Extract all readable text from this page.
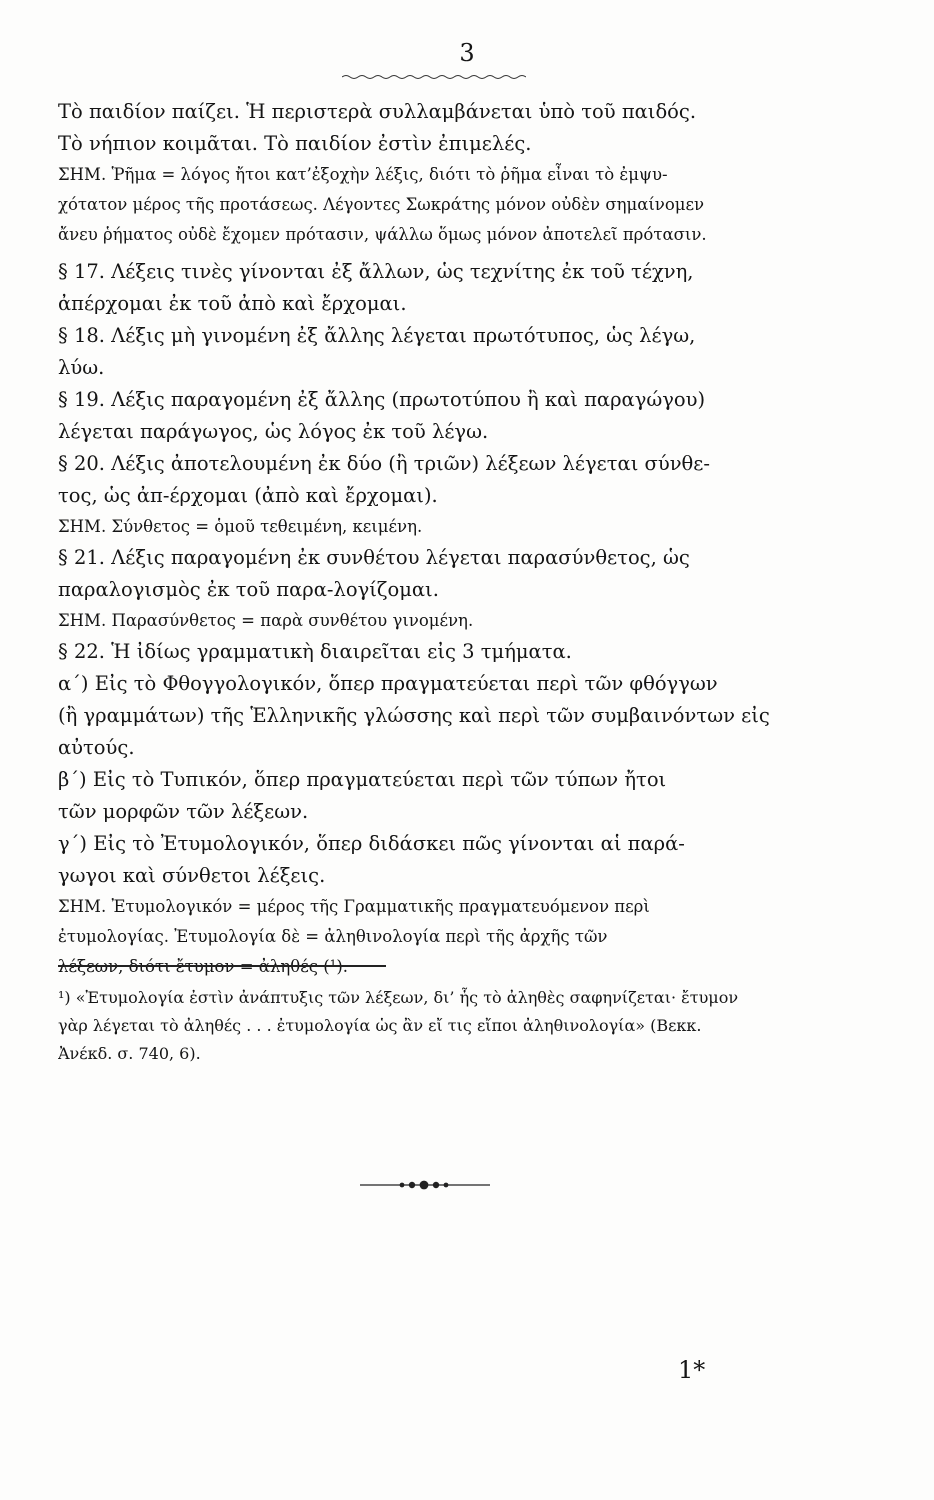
3
Τὸ παιδίον παίζει. Ἡ περιστερὰ συλλαμβάνεται ὑπὸ τοῦ παιδός.
Τὸ νήπιον κοιμᾶται. Τὸ παιδίον ἐστὶν ἐπιμελές.
ΣΗΜ. Ῥῆμα = λόγος ἤτοι κατ’ἐξοχὴν λέξις, διότι τὸ ῥῆμα εἶναι τὸ ἐμψυ-
χότατον μέρος τῆς προτάσεως. Λέγοντες Σωκράτης μόνον οὐδὲν σημαίνομεν
ἄνευ ῥήματος οὐδὲ ἔχομεν πρότασιν, ψάλλω ὅμως μόνον ἀποτελεῖ πρότασιν.
§ 17. Λέξεις τινὲς γίνονται ἐξ ἄλλων, ὡς τεχνίτης ἐκ τοῦ τέχνη,
ἀπέρχομαι ἐκ τοῦ ἀπὸ καὶ ἔρχομαι.
§ 18. Λέξις μὴ γινομένη ἐξ ἄλλης λέγεται πρωτότυπος, ὡς λέγω,
λύω.
§ 19. Λέξις παραγομένη ἐξ ἄλλης (πρωτοτύπου ἢ καὶ παραγώγου)
λέγεται παράγωγος, ὡς λόγος ἐκ τοῦ λέγω.
§ 20. Λέξις ἀποτελουμένη ἐκ δύο (ἢ τριῶν) λέξεων λέγεται σύνθε-
τος, ὡς ἀπ-έρχομαι (ἀπὸ καὶ ἔρχομαι).
ΣΗΜ. Σύνθετος = ὁμοῦ τεθειμένη, κειμένη.
§ 21. Λέξις παραγομένη ἐκ συνθέτου λέγεται παρασύνθετος, ὡς
παραλογισμὸς ἐκ τοῦ παρα-λογίζομαι.
ΣΗΜ. Παρασύνθετος = παρὰ συνθέτου γινομένη.
§ 22. Ἡ ἰδίως γραμματικὴ διαιρεῖται εἰς 3 τμήματα.
α΄) Εἰς τὸ Φθογγολογικόν, ὅπερ πραγματεύεται περὶ τῶν φθόγγων
(ἢ γραμμάτων) τῆς Ἑλληνικῆς γλώσσης καὶ περὶ τῶν συμβαινόντων εἰς
αὐτούς.
β΄) Εἰς τὸ Τυπικόν, ὅπερ πραγματεύεται περὶ τῶν τύπων ἤτοι
τῶν μορφῶν τῶν λέξεων.
γ΄) Εἰς τὸ Ἐτυμολογικόν, ὅπερ διδάσκει πῶς γίνονται αἱ παρά-
γωγοι καὶ σύνθετοι λέξεις.
ΣΗΜ. Ἐτυμολογικόν = μέρος τῆς Γραμματικῆς πραγματευόμενον περὶ
ἐτυμολογίας. Ἐτυμολογία δὲ = ἀληθινολογία περὶ τῆς ἀρχῆς τῶν
¹) «Ἐτυμολογία ἐστὶν ἀνάπτυξις τῶν λέξεων, δι’ ἧς τὸ ἀληθὲς σαφηνίζεται· ἔτυμον
γὰρ λέγεται τὸ ἀληθές . . . ἐτυμολογία ὡς ἂν εἴ τις εἴποι ἀληθινολογία» (Βεκκ.
Ἀνέκδ. σ. 740, 6).
1*
